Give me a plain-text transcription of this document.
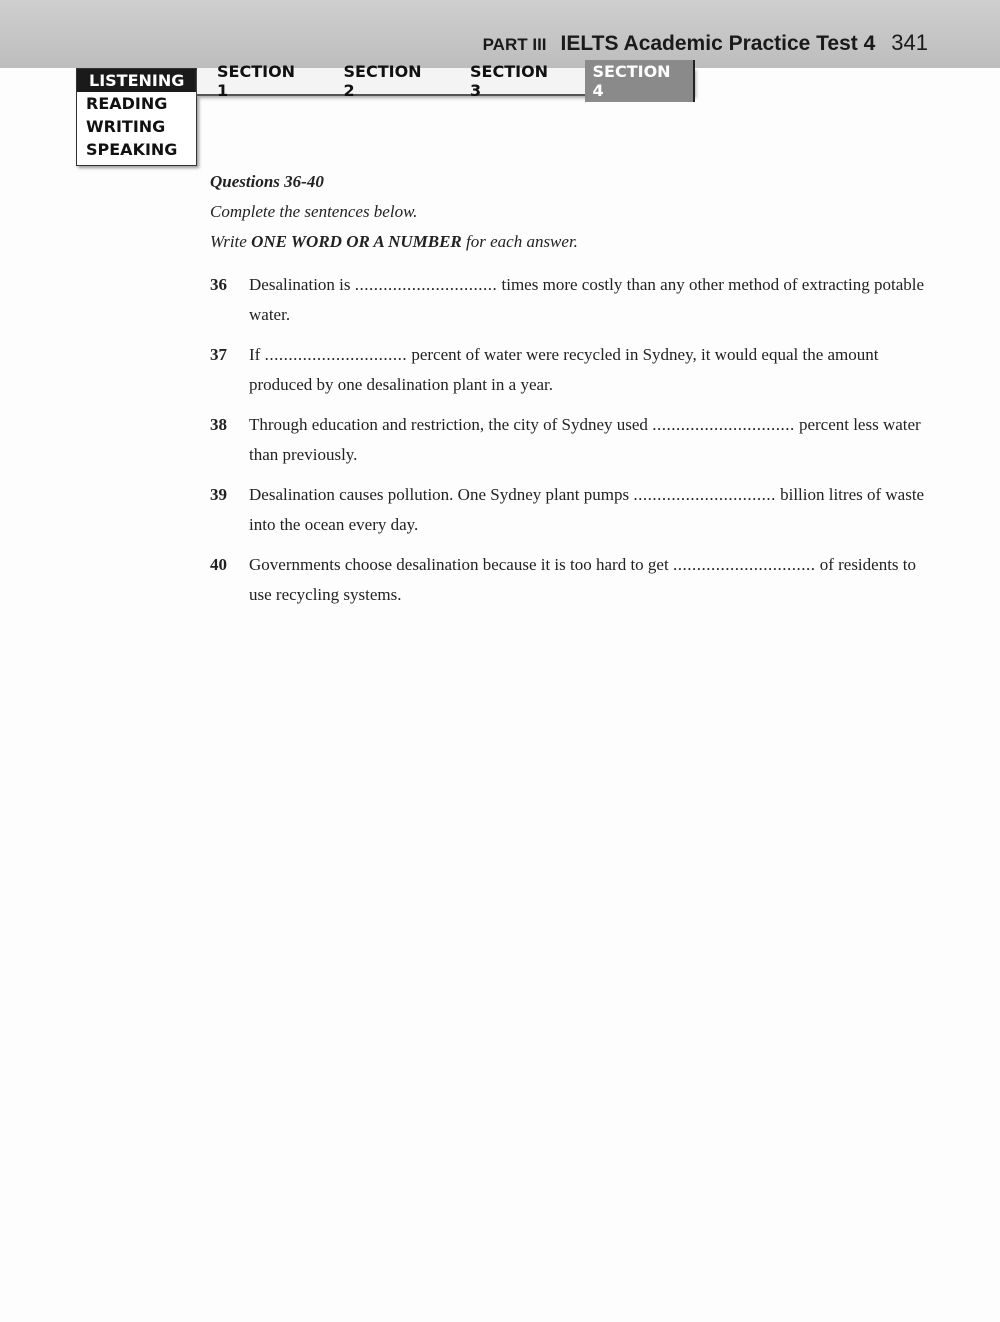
PART III IELTS Academic Practice Test 4 341
LISTENING
READING
WRITING
SPEAKING
SECTION 1
SECTION 2
SECTION 3
SECTION 4
Questions 36-40
Complete the sentences below.
Write ONE WORD OR A NUMBER for each answer.
36	Desalination is .............................. times more costly than any other method of extracting potable water.
37	If .............................. percent of water were recycled in Sydney, it would equal the amount produced by one desalination plant in a year.
38	Through education and restriction, the city of Sydney used .............................. percent less water than previously.
39	Desalination causes pollution. One Sydney plant pumps .............................. billion litres of waste into the ocean every day.
40	Governments choose desalination because it is too hard to get .............................. of residents to use recycling systems.
